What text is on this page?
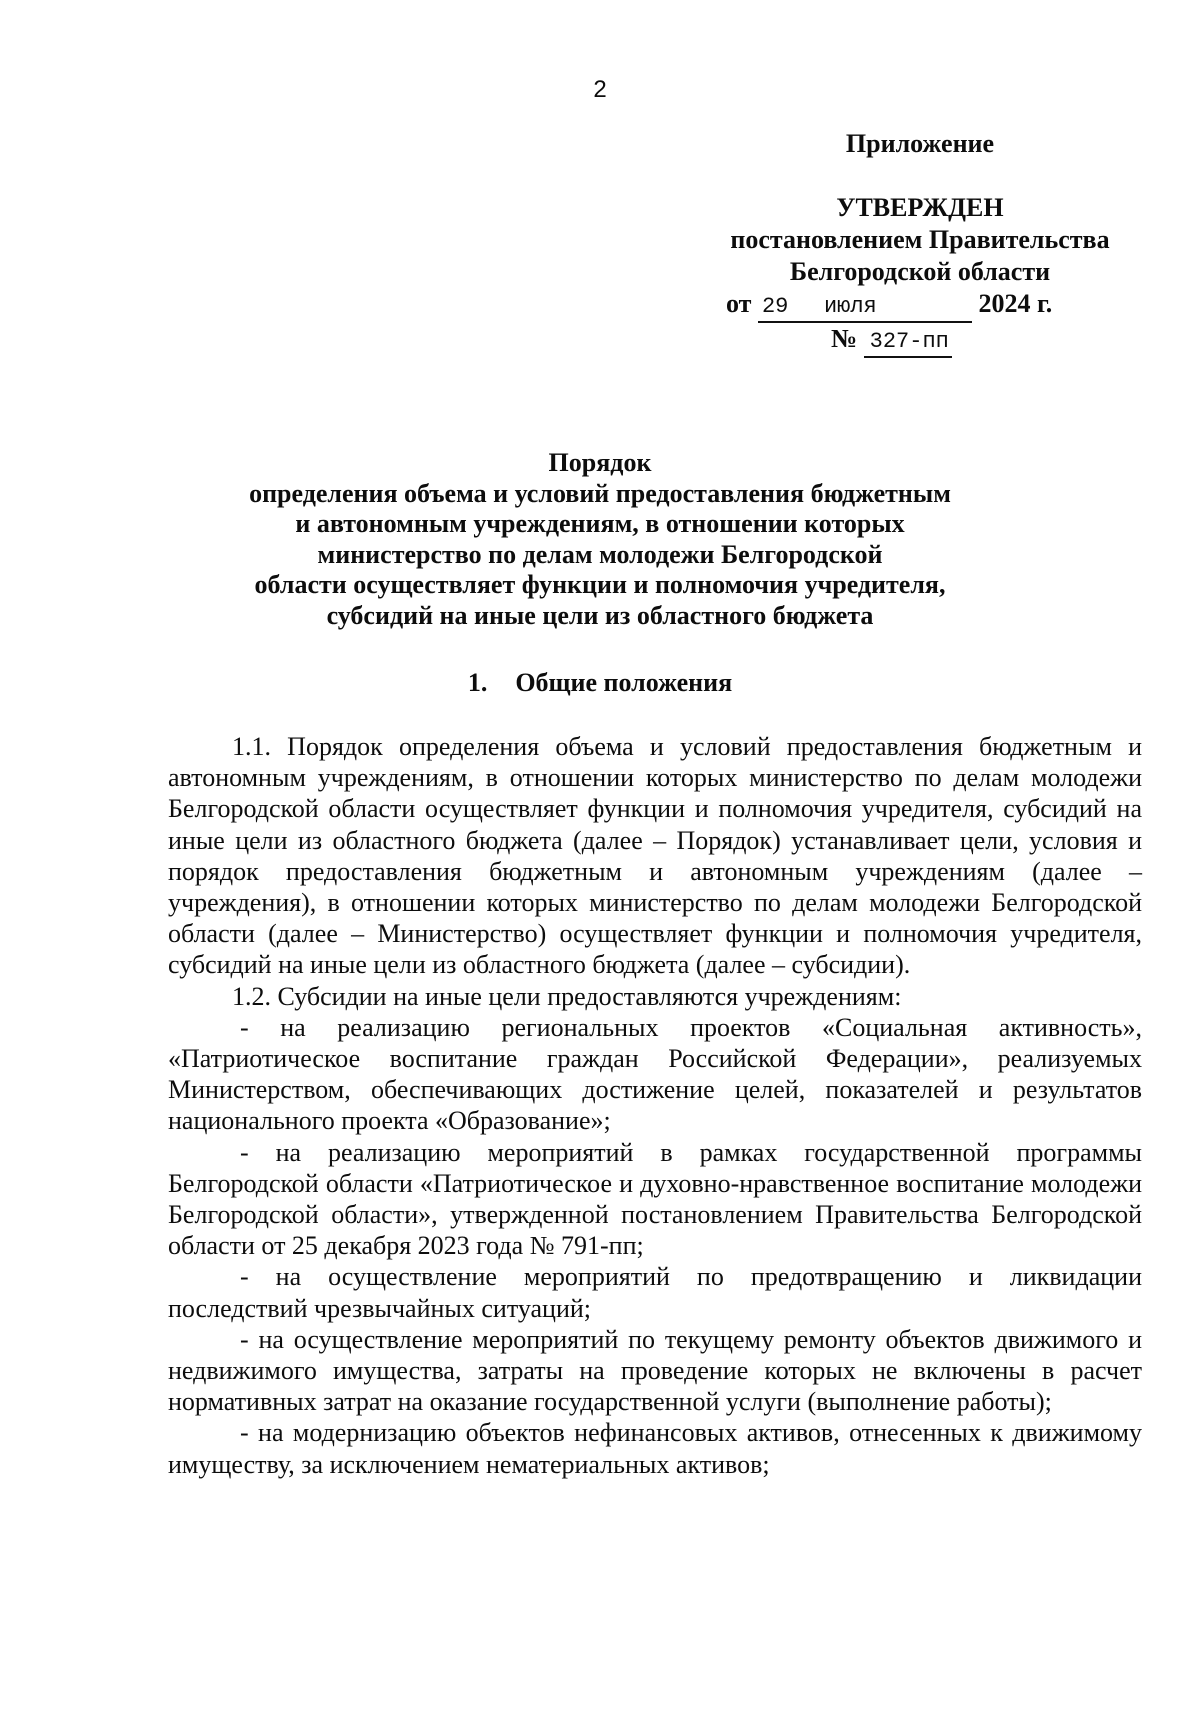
2
Приложение
УТВЕРЖДЕН
постановлением Правительства
Белгородской области
от 29 июля	2024 г.
№ 327-пп
Порядок
определения объема и условий предоставления бюджетным
и автономным учреждениям, в отношении которых
министерство по делам молодежи Белгородской
области осуществляет функции и полномочия учредителя,
субсидий на иные цели из областного бюджета
1. Общие положения

1.1. Порядок определения объема и условий предоставления бюджетным и автономным учреждениям, в отношении которых министерство по делам молодежи Белгородской области осуществляет функции и полномочия учредителя, субсидий на иные цели из областного бюджета (далее – Порядок) устанавливает цели, условия и порядок предоставления бюджетным и автономным учреждениям (далее – учреждения), в отношении которых министерство по делам молодежи Белгородской области (далее – Министерство) осуществляет функции и полномочия учредителя, субсидий на иные цели из областного бюджета (далее – субсидии).

1.2. Субсидии на иные цели предоставляются учреждениям:

- на реализацию региональных проектов «Социальная активность», «Патриотическое воспитание граждан Российской Федерации», реализуемых Министерством, обеспечивающих достижение целей, показателей и результатов национального проекта «Образование»;

- на реализацию мероприятий в рамках государственной программы Белгородской области «Патриотическое и духовно-нравственное воспитание молодежи Белгородской области», утвержденной постановлением Правительства Белгородской области от 25 декабря 2023 года № 791-пп;

- на осуществление мероприятий по предотвращению и ликвидации последствий чрезвычайных ситуаций;

- на осуществление мероприятий по текущему ремонту объектов движимого и недвижимого имущества, затраты на проведение которых не включены в расчет нормативных затрат на оказание государственной услуги (выполнение работы);

- на модернизацию объектов нефинансовых активов, отнесенных к движимому имуществу, за исключением нематериальных активов;
